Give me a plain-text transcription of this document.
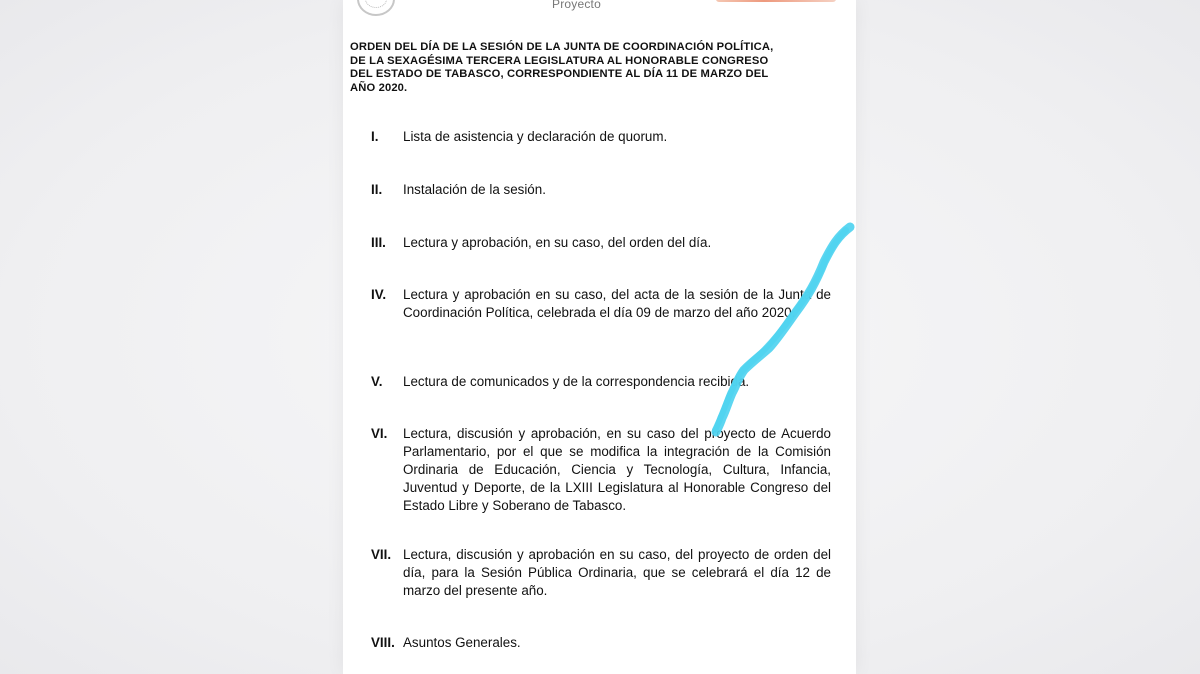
Proyecto

ORDEN DEL DÍA DE LA SESIÓN DE LA JUNTA DE COORDINACIÓN POLÍTICA,
DE LA SEXAGÉSIMA TERCERA LEGISLATURA AL HONORABLE CONGRESO
DEL ESTADO DE TABASCO, CORRESPONDIENTE AL DÍA 11 DE MARZO DEL
AÑO 2020.

I. Lista de asistencia y declaración de quorum.
II. Instalación de la sesión.
III. Lectura y aprobación, en su caso, del orden del día.
IV. Lectura y aprobación en su caso, del acta de la sesión de la Junta de Coordinación Política, celebrada el día 09 de marzo del año 2020.
V. Lectura de comunicados y de la correspondencia recibida.
VI. Lectura, discusión y aprobación, en su caso del proyecto de Acuerdo Parlamentario, por el que se modifica la integración de la Comisión Ordinaria de Educación, Ciencia y Tecnología, Cultura, Infancia, Juventud y Deporte, de la LXIII Legislatura al Honorable Congreso del Estado Libre y Soberano de Tabasco.
VII. Lectura, discusión y aprobación en su caso, del proyecto de orden del día, para la Sesión Pública Ordinaria, que se celebrará el día 12 de marzo del presente año.
VIII. Asuntos Generales.
